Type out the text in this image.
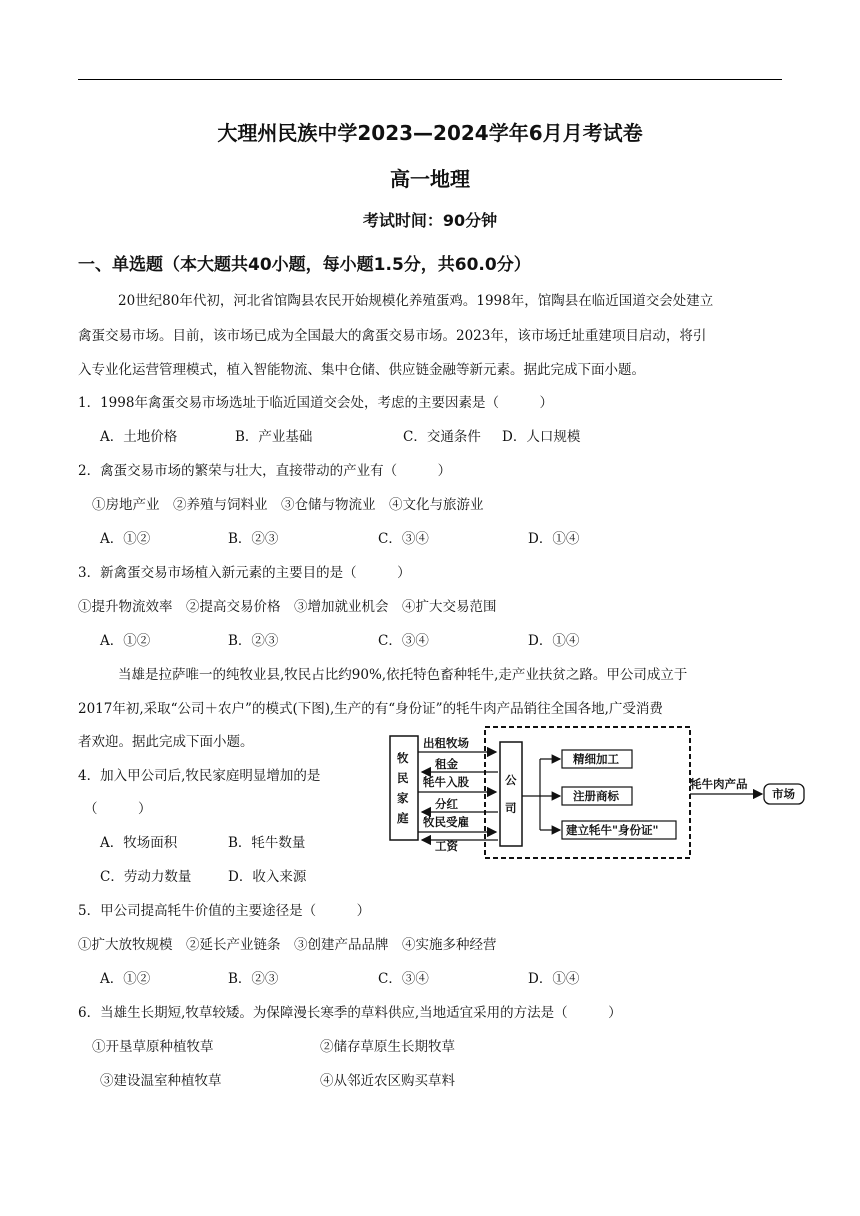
大理州民族中学2023—2024学年6月月考试卷
高一地理
考试时间：90分钟
一、单选题（本大题共40小题，每小题1.5分，共60.0分）
20世纪80年代初，河北省馆陶县农民开始规模化养殖蛋鸡。1998年，馆陶县在临近国道交会处建立
禽蛋交易市场。目前，该市场已成为全国最大的禽蛋交易市场。2023年，该市场迁址重建项目启动，将引
入专业化运营管理模式，植入智能物流、集中仓储、供应链金融等新元素。据此完成下面小题。
1．1998年禽蛋交易市场选址于临近国道交会处，考虑的主要因素是（　　　）
A．土地价格	B．产业基础	C．交通条件 D．人口规模
2．禽蛋交易市场的繁荣与壮大，直接带动的产业有（　　　）
①房地产业　②养殖与饲料业　③仓储与物流业　④文化与旅游业
A．①②	B．②③	C．③④	D．①④
3．新禽蛋交易市场植入新元素的主要目的是（　　　）
①提升物流效率　②提高交易价格　③增加就业机会　④扩大交易范围
A．①②	B．②③	C．③④	D．①④
当雄是拉萨唯一的纯牧业县,牧民占比约90%,依托特色畜种牦牛,走产业扶贫之路。甲公司成立于
2017年初,采取“公司＋农户”的模式(下图),生产的有“身份证”的牦牛肉产品销往全国各地,广受消费
者欢迎。据此完成下面小题。
4．加入甲公司后,牧民家庭明显增加的是
（　　　）
A．牧场面积	B．牦牛数量
C．劳动力数量	D．收入来源
牧
民
家
庭
公
司
出租牧场
租金
牦牛入股
分红
牧民受雇
工资
精细加工
注册商标
建立牦牛"身份证"
牦牛肉产品
市场
5．甲公司提高牦牛价值的主要途径是（　　　）
①扩大放牧规模　②延长产业链条　③创建产品品牌　④实施多种经营
A．①②	B．②③	C．③④	D．①④
6．当雄生长期短,牧草较矮。为保障漫长寒季的草料供应,当地适宜采用的方法是（　　　）
①开垦草原种植牧草	②储存草原生长期牧草
③建设温室种植牧草	④从邻近农区购买草料
